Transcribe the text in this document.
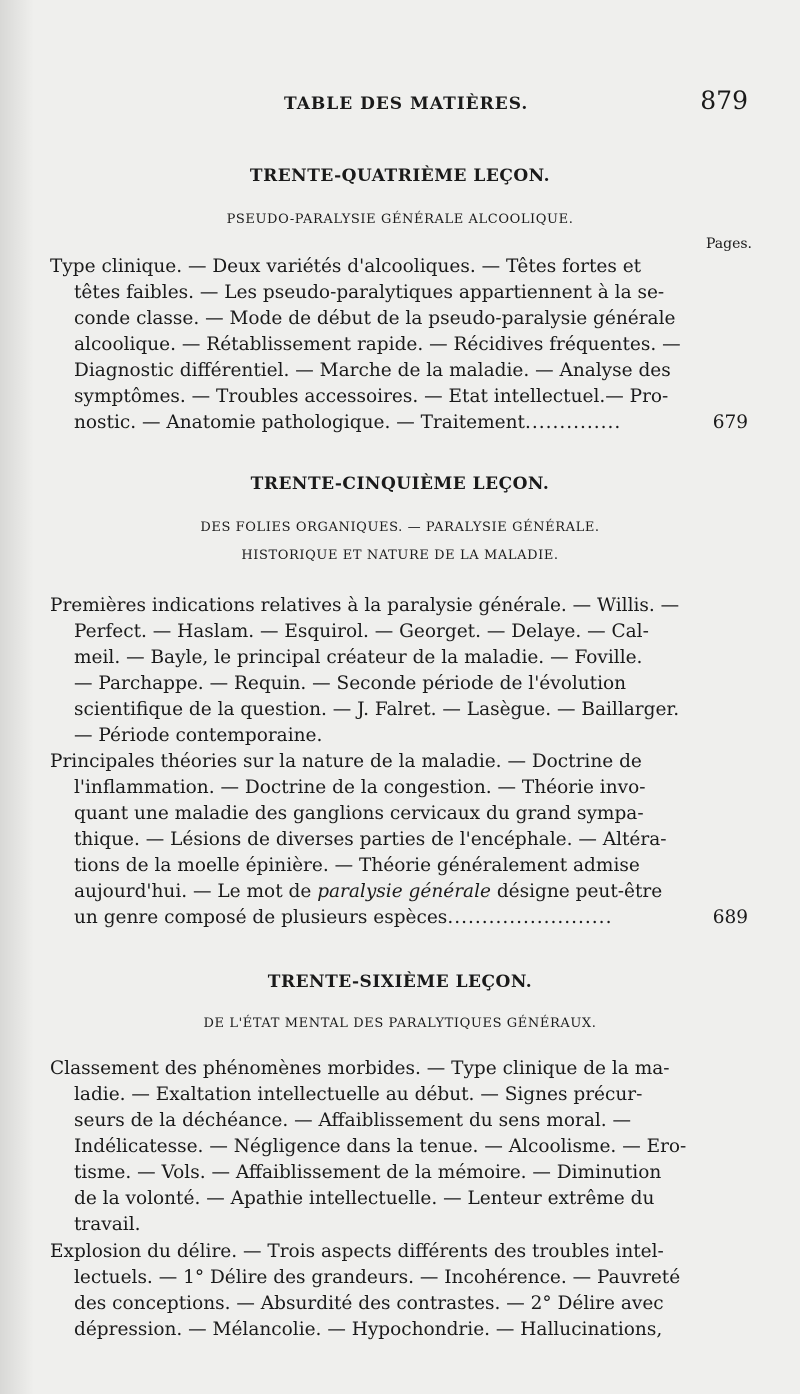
TABLE DES MATIÈRES.	879
TRENTE-QUATRIÈME LEÇON.
PSEUDO-PARALYSIE GÉNÉRALE ALCOOLIQUE.
Pages.
Type clinique. — Deux variétés d'alcooliques. — Têtes fortes et
têtes faibles. — Les pseudo-paralytiques appartiennent à la se-
conde classe. — Mode de début de la pseudo-paralysie générale
alcoolique. — Rétablissement rapide. — Récidives fréquentes. —
Diagnostic différentiel. — Marche de la maladie. — Analyse des
symptômes. — Troubles accessoires. — Etat intellectuel.— Pro-
nostic. — Anatomie pathologique. — Traitement..............	679
TRENTE-CINQUIÈME LEÇON.
DES FOLIES ORGANIQUES. — PARALYSIE GÉNÉRALE.
HISTORIQUE ET NATURE DE LA MALADIE.
Premières indications relatives à la paralysie générale. — Willis. —
Perfect. — Haslam. — Esquirol. — Georget. — Delaye. — Cal-
meil. — Bayle, le principal créateur de la maladie. — Foville.
— Parchappe. — Requin. — Seconde période de l'évolution
scientifique de la question. — J. Falret. — Lasègue. — Baillarger.
— Période contemporaine.
Principales théories sur la nature de la maladie. — Doctrine de
l'inflammation. — Doctrine de la congestion. — Théorie invo-
quant une maladie des ganglions cervicaux du grand sympa-
thique. — Lésions de diverses parties de l'encéphale. — Altéra-
tions de la moelle épinière. — Théorie généralement admise
aujourd'hui. — Le mot de paralysie générale désigne peut-être
un genre composé de plusieurs espèces........................	689
TRENTE-SIXIÈME LEÇON.
DE L'ÉTAT MENTAL DES PARALYTIQUES GÉNÉRAUX.
Classement des phénomènes morbides. — Type clinique de la ma-
ladie. — Exaltation intellectuelle au début. — Signes précur-
seurs de la déchéance. — Affaiblissement du sens moral. —
Indélicatesse. — Négligence dans la tenue. — Alcoolisme. — Ero-
tisme. — Vols. — Affaiblissement de la mémoire. — Diminution
de la volonté. — Apathie intellectuelle. — Lenteur extrême du
travail.
Explosion du délire. — Trois aspects différents des troubles intel-
lectuels. — 1° Délire des grandeurs. — Incohérence. — Pauvreté
des conceptions. — Absurdité des contrastes. — 2° Délire avec
dépression. — Mélancolie. — Hypochondrie. — Hallucinations,
